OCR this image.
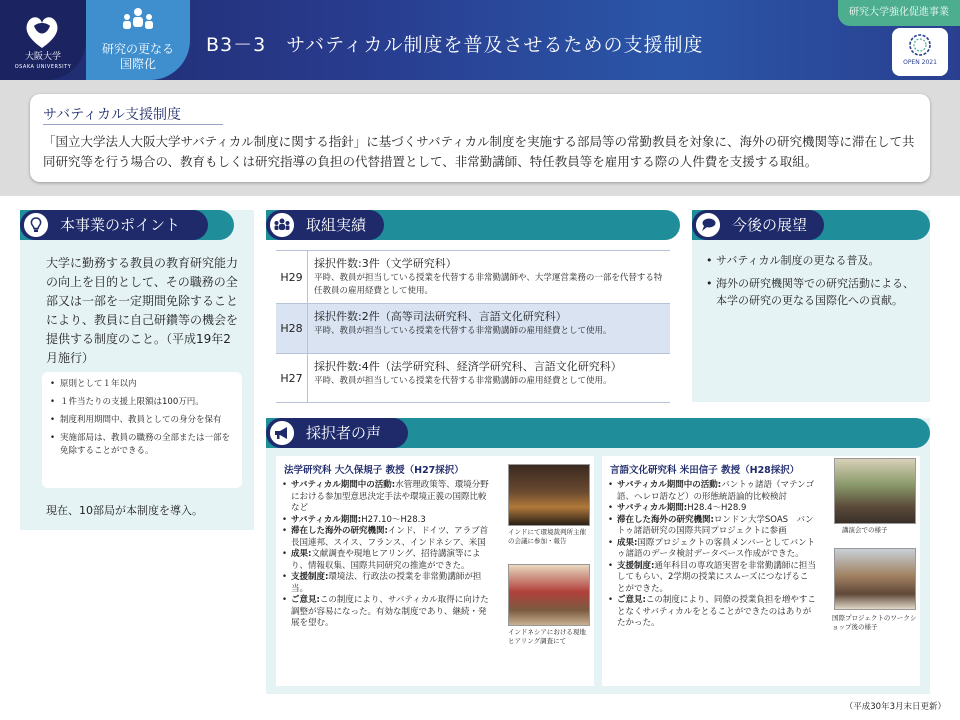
大阪大学
OSAKA UNIVERSITY
研究の更なる
国際化
B3－3　サバティカル制度を普及させるための支援制度
研究大学強化促進事業
OPEN 2021
サバティカル支援制度
「国立大学法人大阪大学サバティカル制度に関する指針」に基づくサバティカル制度を実施する部局等の常勤教員を対象に、海外の研究機関等に滞在して共同研究等を行う場合の、教育もしくは研究指導の負担の代替措置として、非常勤講師、特任教員等を雇用する際の人件費を支援する取組。
本事業のポイント
大学に勤務する教員の教育研究能力の向上を目的として、その職務の全部又は一部を一定期間免除することにより、教員に自己研鑽等の機会を提供する制度のこと。（平成19年2月施行）
• 原則として１年以内
• １件当たりの支援上限額は100万円。
• 制度利用期間中、教員としての身分を保有
• 実施部局は、教員の職務の全部または一部を免除することができる。
現在、10部局が本制度を導入。
取組実績
H29
採択件数:3件（文学研究科）
平時、教員が担当している授業を代替する非常勤講師や、大学運営業務の一部を代替する特任教員の雇用経費として使用。
H28
採択件数:2件（高等司法研究科、言語文化研究科）
平時、教員が担当している授業を代替する非常勤講師の雇用経費として使用。
H27
採択件数:4件（法学研究科、経済学研究科、言語文化研究科）
平時、教員が担当している授業を代替する非常勤講師の雇用経費として使用。
今後の展望
• サバティカル制度の更なる普及。
• 海外の研究機関等での研究活動による、本学の研究の更なる国際化への貢献。
採択者の声
法学研究科 大久保規子 教授（H27採択）
• サバティカル期間中の活動:水管理政策等、環境分野における参加型意思決定手法や環境正義の国際比較など
• サバティカル期間:H27.10～H28.3
• 滞在した海外の研究機関:インド、ドイツ、アラブ首長国連邦、スイス、フランス、インドネシア、米国
• 成果:文献調査や現地ヒアリング、招待講演等により、情報収集、国際共同研究の推進ができた。
• 支援制度:環境法、行政法の授業を非常勤講師が担当。
• ご意見:この制度により、サバティカル取得に向けた調整が容易になった。有効な制度であり、継続・発展を望む。
インドにて環境裁判所主催の会議に参加・報告
インドネシアにおける現地ヒアリング調査にて
言語文化研究科 米田信子 教授（H28採択）
• サバティカル期間中の活動:バントゥ諸語（マテンゴ語、ヘレロ語など）の形態統語論的比較検討
• サバティカル期間:H28.4～H28.9
• 滞在した海外の研究機関:ロンドン大学SOAS　バントゥ諸語研究の国際共同プロジェクトに参画
• 成果:国際プロジェクトの客員メンバーとしてバントゥ諸語のデータ検討データベース作成ができた。
• 支援制度:通年科目の専攻語実習を非常勤講師に担当してもらい、2学期の授業にスムーズにつなげることができた。
• ご意見:この制度により、同僚の授業負担を増やすことなくサバティカルをとることができたのはありがたかった。
講演会での様子
国際プロジェクトのワークショップ後の様子
（平成30年3月末日更新）
